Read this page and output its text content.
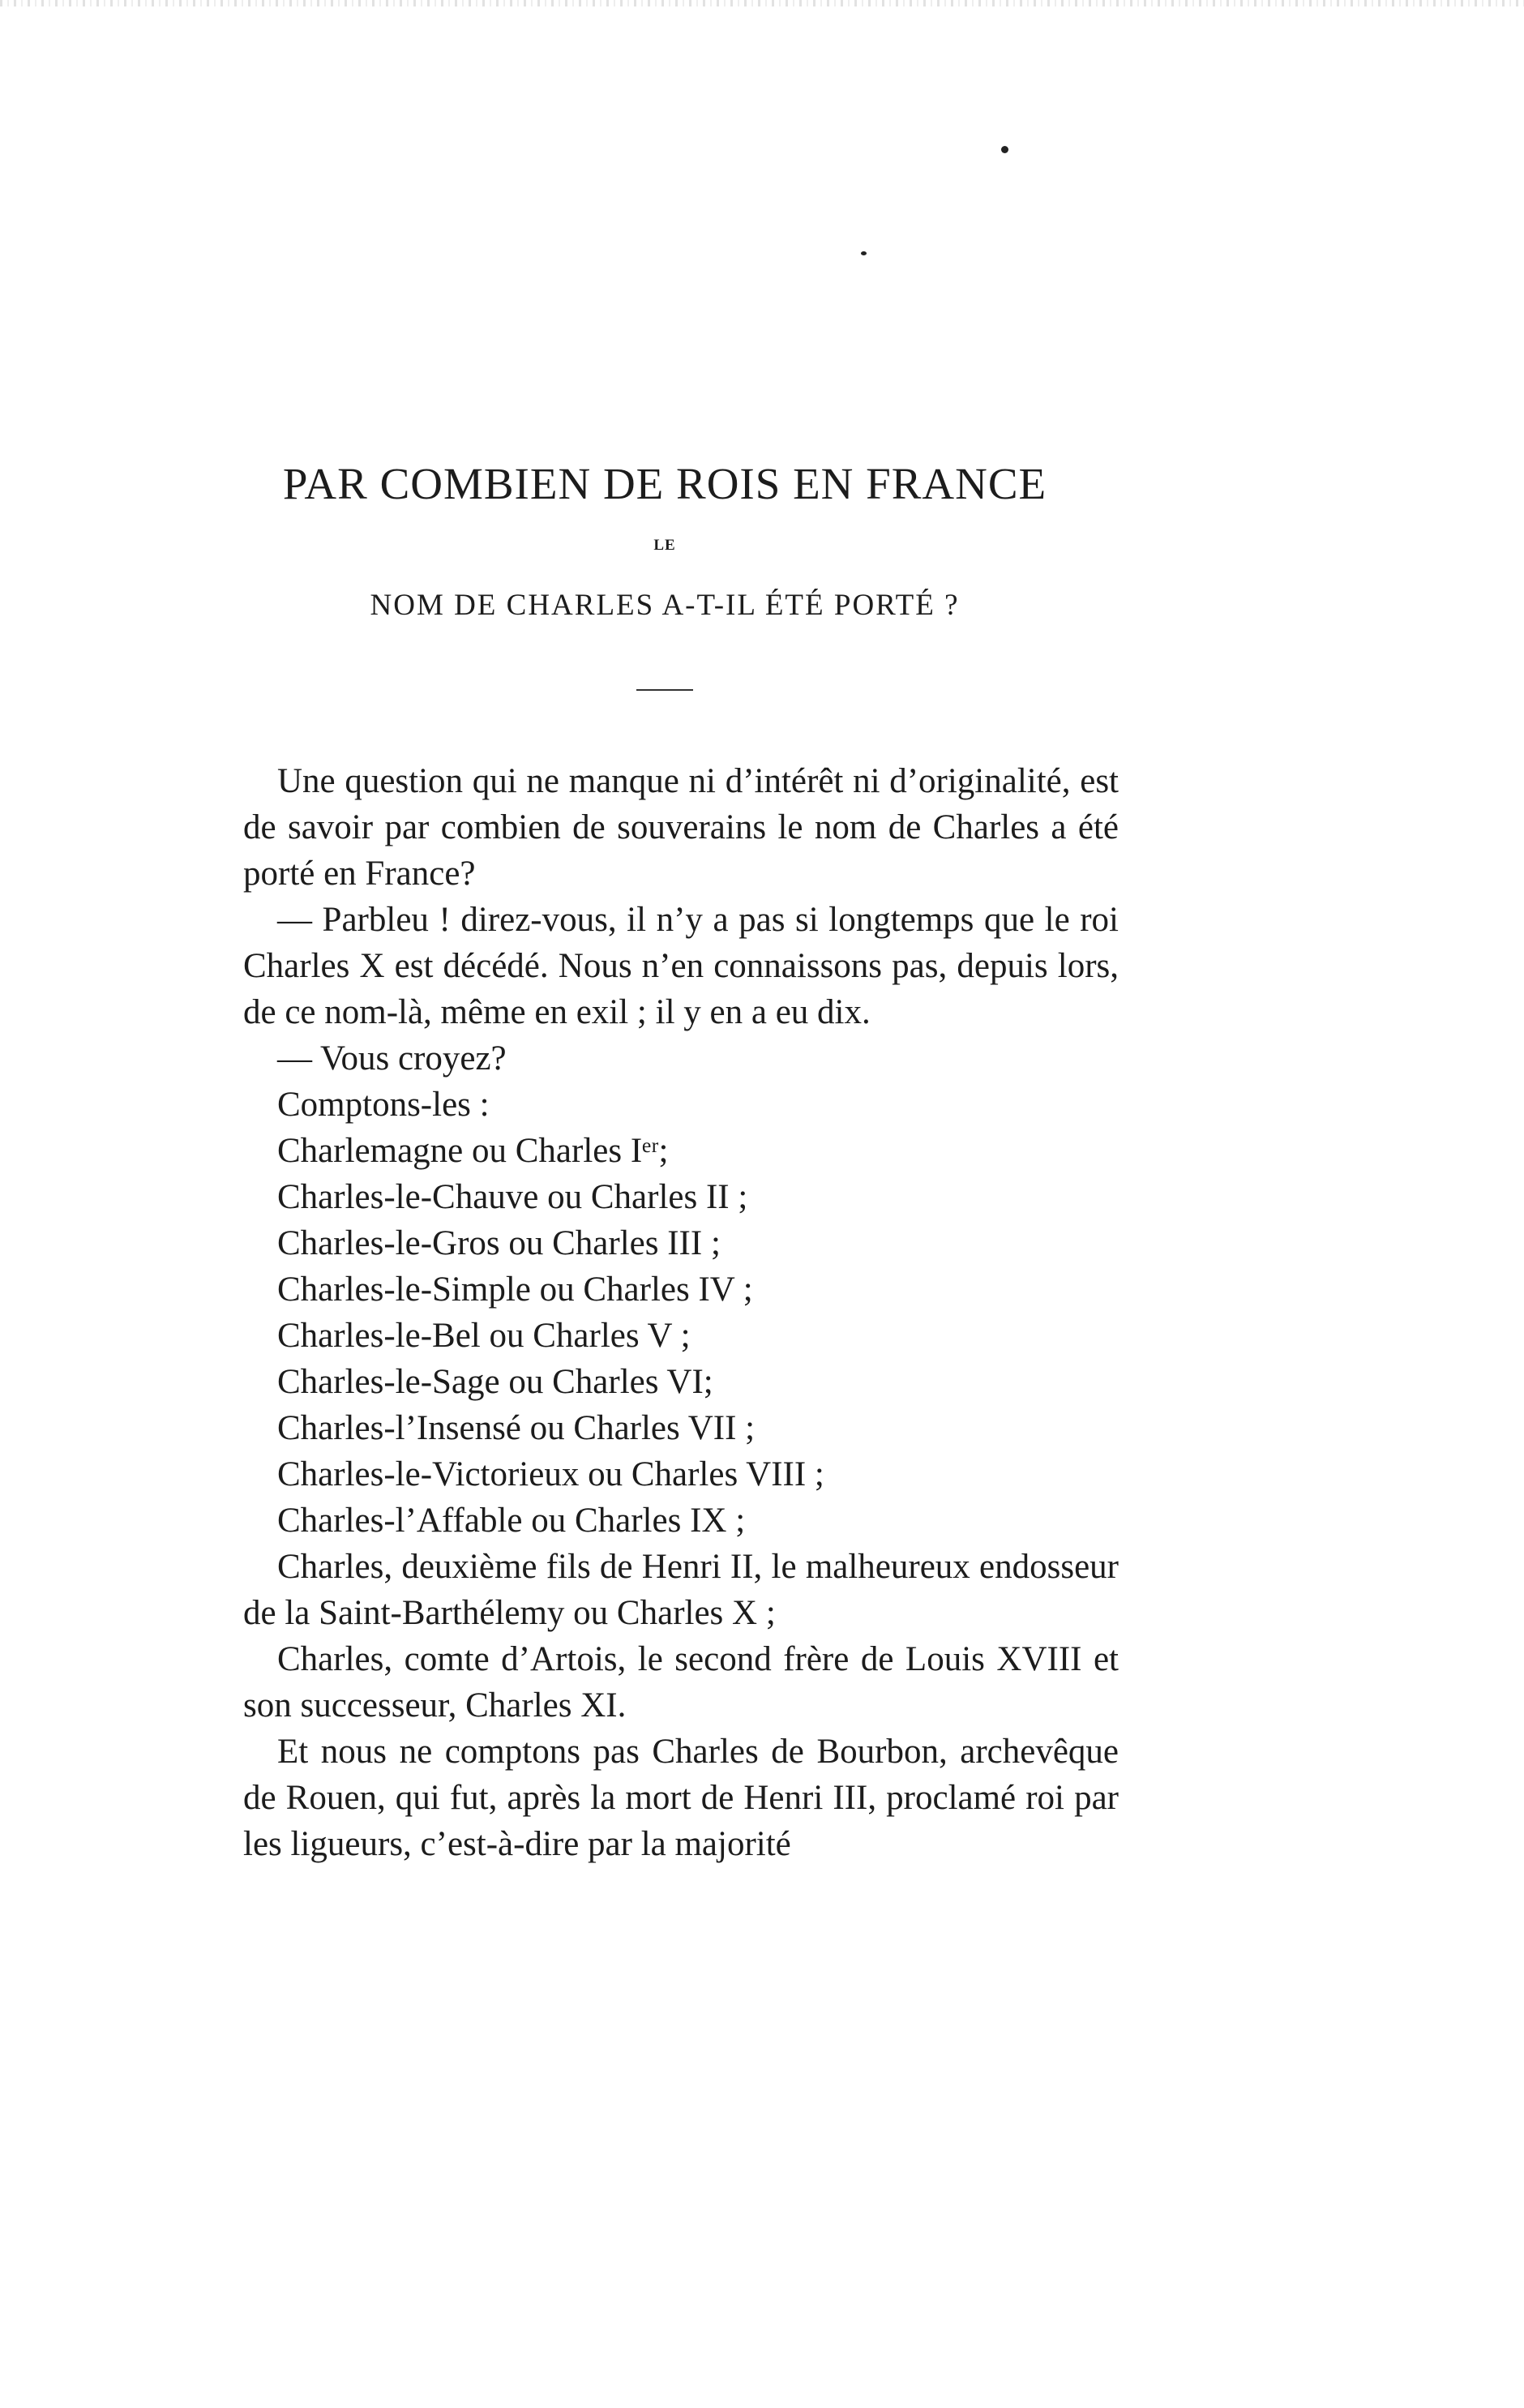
PAR COMBIEN DE ROIS EN FRANCE
LE
NOM DE CHARLES A-T-IL ÉTÉ PORTÉ ?

Une question qui ne manque ni d’intérêt ni d’originalité, est de savoir par combien de souverains le nom de Charles a été porté en France?

— Parbleu ! direz-vous, il n’y a pas si longtemps que le roi Charles X est décédé. Nous n’en connaissons pas, depuis lors, de ce nom-là, même en exil ; il y en a eu dix.

— Vous croyez?

Comptons-les :

Charlemagne ou Charles Iᵉʳ;

Charles-le-Chauve ou Charles II ;

Charles-le-Gros ou Charles III ;

Charles-le-Simple ou Charles IV ;

Charles-le-Bel ou Charles V ;

Charles-le-Sage ou Charles VI;

Charles-l’Insensé ou Charles VII ;

Charles-le-Victorieux ou Charles VIII ;

Charles-l’Affable ou Charles IX ;

Charles, deuxième fils de Henri II, le malheureux endosseur de la Saint-Barthélemy ou Charles X ;

Charles, comte d’Artois, le second frère de Louis XVIII et son successeur, Charles XI.

Et nous ne comptons pas Charles de Bourbon, archevêque de Rouen, qui fut, après la mort de Henri III, proclamé roi par les ligueurs, c’est-à-dire par la majorité
